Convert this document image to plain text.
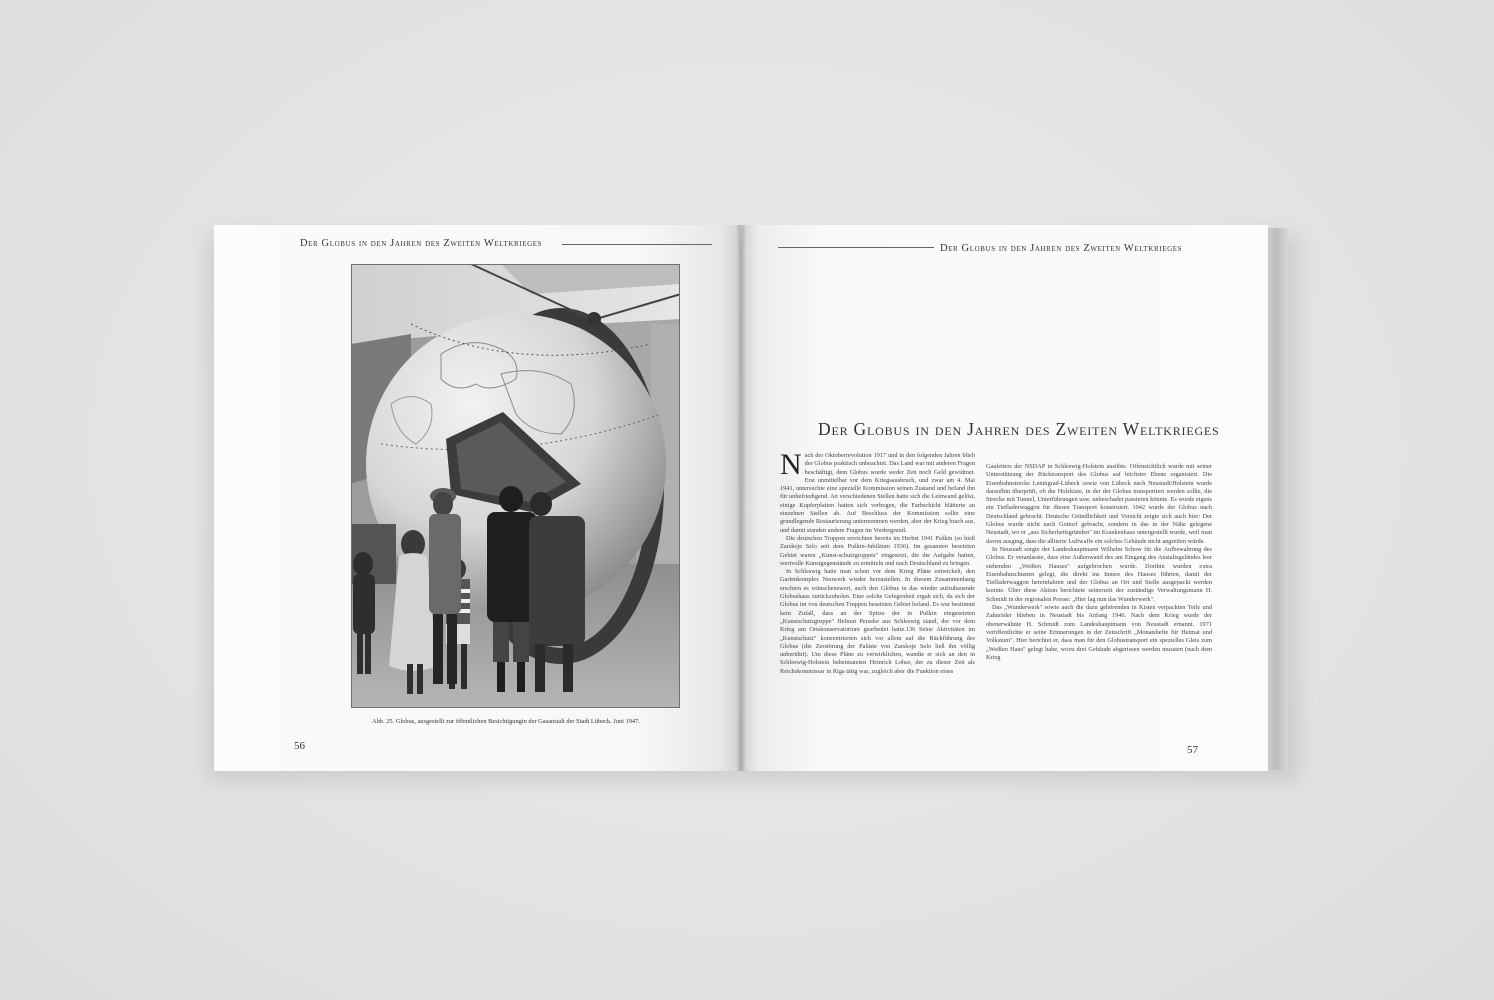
Der Globus in den Jahren des Zweiten Weltkrieges
Abb. 25. Globus, ausgestellt zur öffentlichen Besichtigungin der Gasanstalt der Stadt Lübeck. Juni 1947.
56
Der Globus in den Jahren des Zweiten Weltkrieges
Der Globus in den Jahren des Zweiten Weltkrieges

Nach der Oktoberrevolution 1917 und in den folgenden Jahren blieb der Globus praktisch unbeachtet. Das Land war mit anderen Fragen beschäftigt, dem Globus wurde weder Zeit noch Geld gewidmet. Erst unmittelbar vor dem Kriegsausbruch, und zwar am 4. Mai 1941, untersuchte eine spezielle Kommission seinen Zustand und befand ihn für unbefriedigend. An verschiedenen Stellen hatte sich die Leinwand gelöst, einige Kupferplatten hatten sich verbogen, die Farbschicht blätterte an einzelnen Stellen ab. Auf Beschluss der Kommission sollte eine grundlegende Restaurierung unternommen werden, aber der Krieg brach aus, und damit standen andere Fragen im Vordergrund.

Die deutschen Truppen erreichten bereits im Herbst 1941 Puškin (so hieß Zarskoje Selo seit dem Puškin-Jubiläum 1936). Im gesamten besetzten Gebiet waren „Kunst-schutzgruppen" eingesetzt, die die Aufgabe hatten, wertvolle Kunstgegenstände zu ermitteln und nach Deutschland zu bringen.

In Schleswig hatte man schon vor dem Krieg Pläne entwickelt, den Gartenkomplex Neuwerk wieder herzustellen. In diesem Zusammenhang erschien es wünschenswert, auch den Globus in das wieder aufzubauende Globushaus zurückzuholen. Eine solche Gelegenheit ergab sich, da sich der Globus im von deutschen Truppen besetzten Gebiet befand. Es war bestimmt kein Zufall, dass an der Spitze der in Puškin eingesetzten „Kunstschutzgruppe" Helmut Perseke aus Schleswig stand, der vor dem Krieg am Ortskonservatorium gearbeitet hatte.136 Seine Aktivitäten im „Kunstschutz" konzentrierten sich vor allem auf die Rückführung des Globus (die Zerstörung der Paläste von Zarskoje Selo ließ ihn völlig unberührt). Um diese Pläne zu verwirklichen, wandte er sich an den in Schleswig-Holstein beheimateten Heinrich Lohse, der zu dieser Zeit als Reichskommissar in Riga tätig war, zugleich aber die Funktion eines

Gauleiters der NSDAP in Schleswig-Holstein ausübte. Offensichtlich wurde mit seiner Unterstützung der Rücktransport des Globus auf höchster Ebene organisiert. Die Eisenbahnstrecke Leningrad-Lübeck sowie von Lübeck nach Neustadt/Holstein wurde daraufhin überprüft, ob die Holzkiste, in der der Globus transportiert werden sollte, die Strecke mit Tunnel, Unterführungen usw. unbeschadet passieren könnte. Es wurde eigens ein Tiefladerwaggon für diesen Transport konstruiert. 1942 wurde der Globus nach Deutschland gebracht. Deutsche Gründlichkeit und Vorsicht zeigte sich auch hier: Der Globus wurde nicht nach Gottorf gebracht, sondern in das in der Nähe gelegene Neustadt, wo er „aus Sicherheitsgründen" im Krankenhaus untergestellt wurde, weil man davon ausging, dass die alliierte Luftwaffe ein solches Gebäude nicht angreifen würde.

In Neustadt sorgte der Landeshauptmann Wilhelm Schow für die Aufbewahrung des Globus. Er veranlasste, dass eine Außenwand des am Eingang des Anstaltsgeländes leer stehenden „Weißen Hauses" aufgebrochen wurde. Dorthin wurden extra Eisenbahnschienen gelegt, die direkt ins Innere des Hauses führten, damit der Tiefladerwaggon hereinfahren und der Globus an Ort und Stelle ausgepackt werden konnte. Über diese Aktion berichtete seinerzeit der zuständige Verwaltungsmann H. Schmidt in der regionalen Presse: „Hier lag nun das Wunderwerk".

Das „Wunderwerk" sowie auch die dazu gehörenden in Kisten verpackten Teile und Zahnräder blieben in Neustadt bis Anfang 1946. Nach dem Krieg wurde der obenerwähnte H. Schmidt zum Landeshauptmann von Neustadt ernannt. 1971 veröffentlichte er seine Erinnerungen in der Zeitschrift „Monatshefte für Heimat und Volkstum". Hier berichtet er, dass man für den Globustransport ein spezielles Gleis zum „Weißen Haus" gelegt habe, wozu drei Gebäude abgerissen werden mussten (nach dem Krieg

57
